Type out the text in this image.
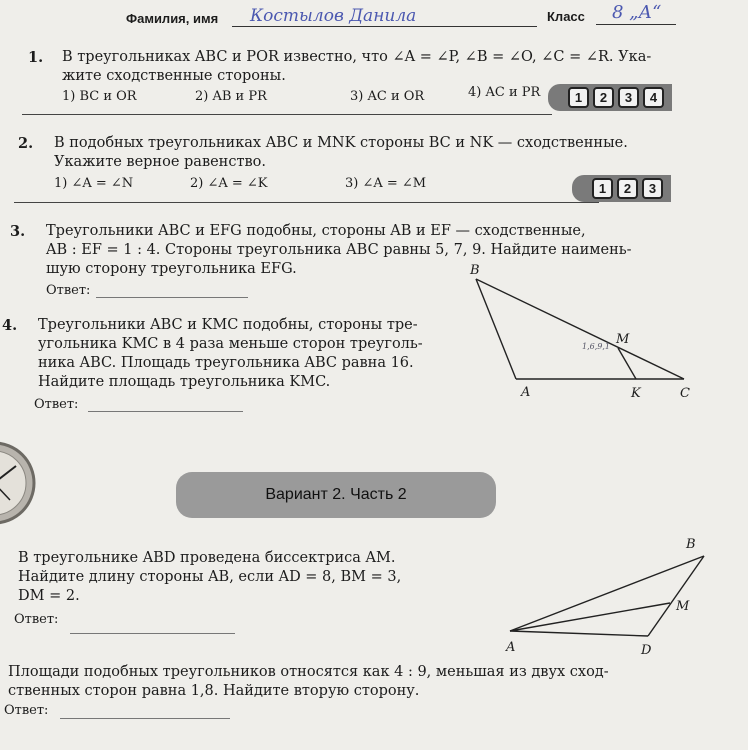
Фамилия, имя Костылов Данила	Класс 8 „А“
1. В треугольниках ABC и POR известно, что ∠A = ∠P, ∠B = ∠O, ∠C = ∠R. Ука-
жите сходственные стороны.
1) BC и OR	2) AB и PR	3) AC и OR	4) AC и PR	1	2	3	4
2. В подобных треугольниках ABC и MNK стороны BC и NK — сходственные.
Укажите верное равенство.
1) ∠A = ∠N	2) ∠A = ∠K	3) ∠A = ∠M	1	2	3
3. Треугольники ABC и EFG подобны, стороны AB и EF — сходственные,
AB : EF = 1 : 4. Стороны треугольника ABC равны 5, 7, 9. Найдите наимень-
шую сторону треугольника EFG.
Ответ:
4. Треугольники ABC и KMC подобны, стороны тре-
угольника KMC в 4 раза меньше сторон треуголь-
ника ABC. Площадь треугольника ABC равна 16.
Найдите площадь треугольника KMC.
Ответ:
B
M
1,6,9,1
A	K	C
Вариант 2. Часть 2
В треугольнике ABD проведена биссектриса AM.
Найдите длину стороны AB, если AD = 8, BM = 3,
DM = 2.
Ответ:
B
M
A	D
Площади подобных треугольников относятся как 4 : 9, меньшая из двух сход-
ственных сторон равна 1,8. Найдите вторую сторону.
Ответ:
